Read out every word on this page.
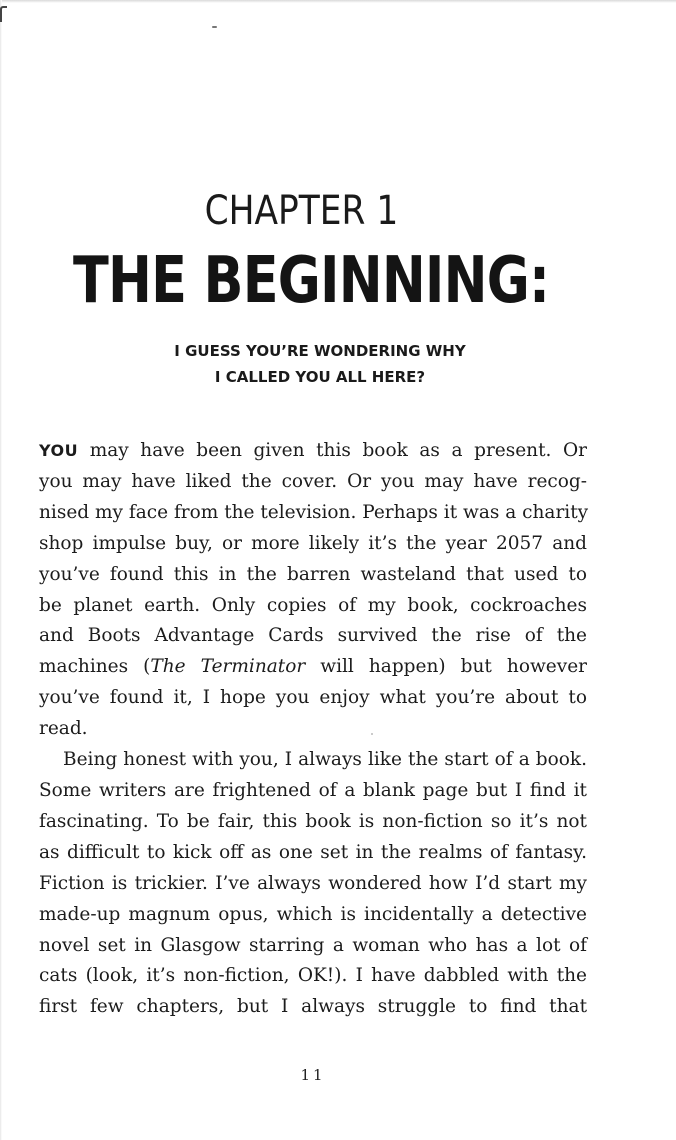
CHAPTER 1
THE BEGINNING:
I GUESS YOU’RE WONDERING WHY
I CALLED YOU ALL HERE?
YOU may have been given this book as a present. Or
you may have liked the cover. Or you may have recog-
nised my face from the television. Perhaps it was a charity
shop impulse buy, or more likely it’s the year 2057 and
you’ve found this in the barren wasteland that used to
be planet earth. Only copies of my book, cockroaches
and Boots Advantage Cards survived the rise of the
machines (The Terminator will happen) but however
you’ve found it, I hope you enjoy what you’re about to
read.
Being honest with you, I always like the start of a book.
Some writers are frightened of a blank page but I find it
fascinating. To be fair, this book is non-fiction so it’s not
as difficult to kick off as one set in the realms of fantasy.
Fiction is trickier. I’ve always wondered how I’d start my
made-up magnum opus, which is incidentally a detective
novel set in Glasgow starring a woman who has a lot of
cats (look, it’s non-fiction, OK!). I have dabbled with the
first few chapters, but I always struggle to find that
11
